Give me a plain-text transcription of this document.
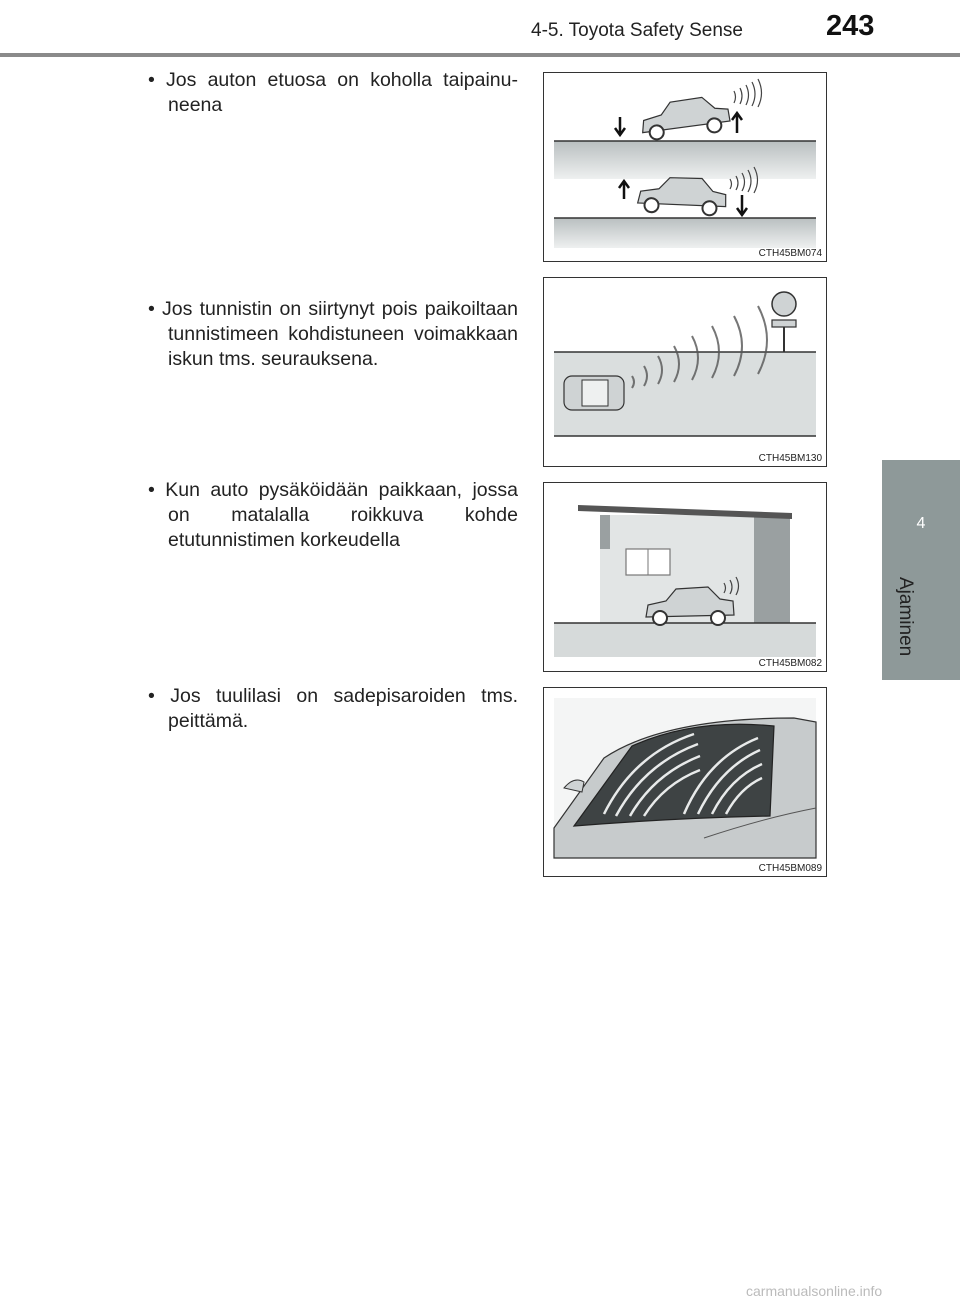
4-5. Toyota Safety Sense	243
4
Ajaminen
• Jos auton etuosa on koholla taipainuneena
CTH45BM074
• Jos tunnistin on siirtynyt pois paikoiltaan tunnistimeen kohdistuneen voimakkaan iskun tms. seurauksena.
CTH45BM130
• Kun auto pysäköidään paikkaan, jossa on matalalla roikkuva kohde etutunnistimen korkeudella
CTH45BM082
• Jos tuulilasi on sadepisaroiden tms. peittämä.
CTH45BM089
carmanualsonline.info
